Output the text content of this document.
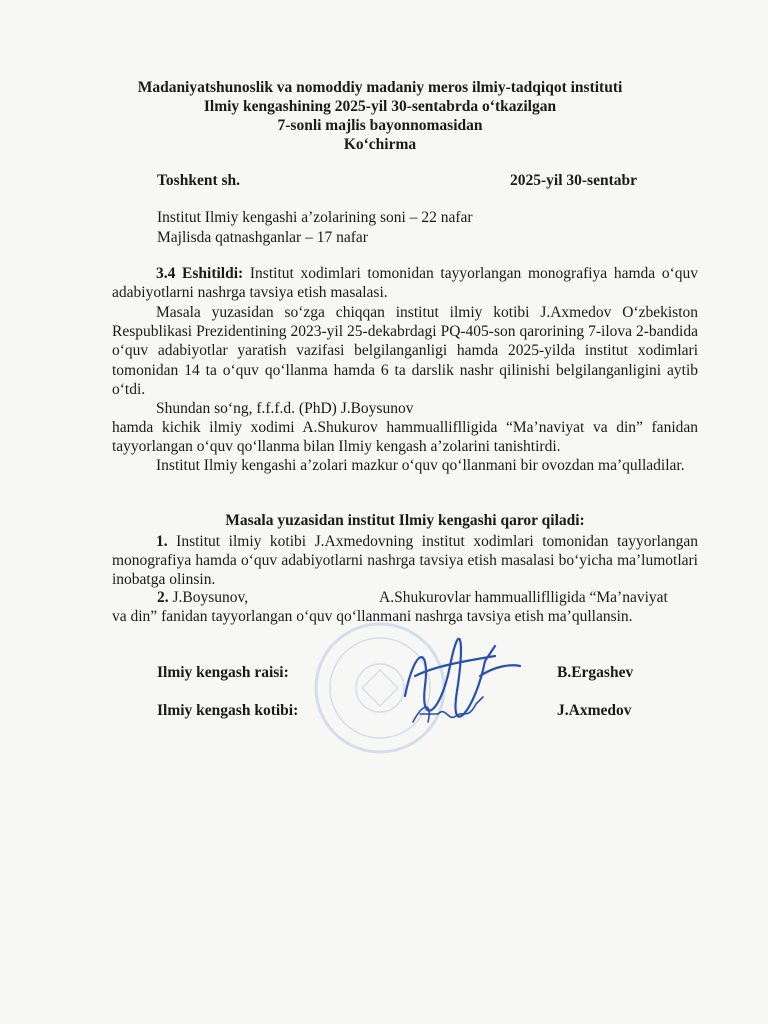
Madaniyatshunoslik va nomoddiy madaniy meros ilmiy-tadqiqot instituti
Ilmiy kengashining 2025-yil 30-sentabrda o‘tkazilgan
7-sonli majlis bayonnomasidan
Ko‘chirma
Toshkent sh.	2025-yil 30-sentabr
Institut Ilmiy kengashi a’zolarining soni – 22 nafar
Majlisda qatnashganlar – 17 nafar
3.4 Eshitildi: Institut xodimlari tomonidan tayyorlangan monografiya hamda o‘quv adabiyotlarni nashrga tavsiya etish masalasi.
Masala yuzasidan so‘zga chiqqan institut ilmiy kotibi J.Axmedov O‘zbekiston Respublikasi Prezidentining 2023-yil 25-dekabrdagi PQ-405-son qarorining 7-ilova 2-bandida o‘quv adabiyotlar yaratish vazifasi belgilanganligi hamda 2025-yilda institut xodimlari tomonidan 14 ta o‘quv qo‘llanma hamda 6 ta darslik nashr qilinishi belgilanganligini aytib o‘tdi.
Shundan so‘ng, f.f.f.d. (PhD) J.Boysunov
hamda kichik ilmiy xodimi A.Shukurov hammualliflligida “Ma’naviyat va din” fanidan tayyorlangan o‘quv qo‘llanma bilan Ilmiy kengash a’zolarini tanishtirdi.
Institut Ilmiy kengashi a’zolari mazkur o‘quv qo‘llanmani bir ovozdan ma’qulladilar.
Masala yuzasidan institut Ilmiy kengashi qaror qiladi:
1. Institut ilmiy kotibi J.Axmedovning institut xodimlari tomonidan tayyorlangan monografiya hamda o‘quv adabiyotlarni nashrga tavsiya etish masalasi bo‘yicha ma’lumotlari inobatga olinsin.
2. J.Boysunov,	A.Shukurovlar hammualliflligida “Ma’naviyat
va din” fanidan tayyorlangan o‘quv qo‘llanmani nashrga tavsiya etish ma’qullansin.
Ilmiy kengash raisi:	B.Ergashev
Ilmiy kengash kotibi:	J.Axmedov
